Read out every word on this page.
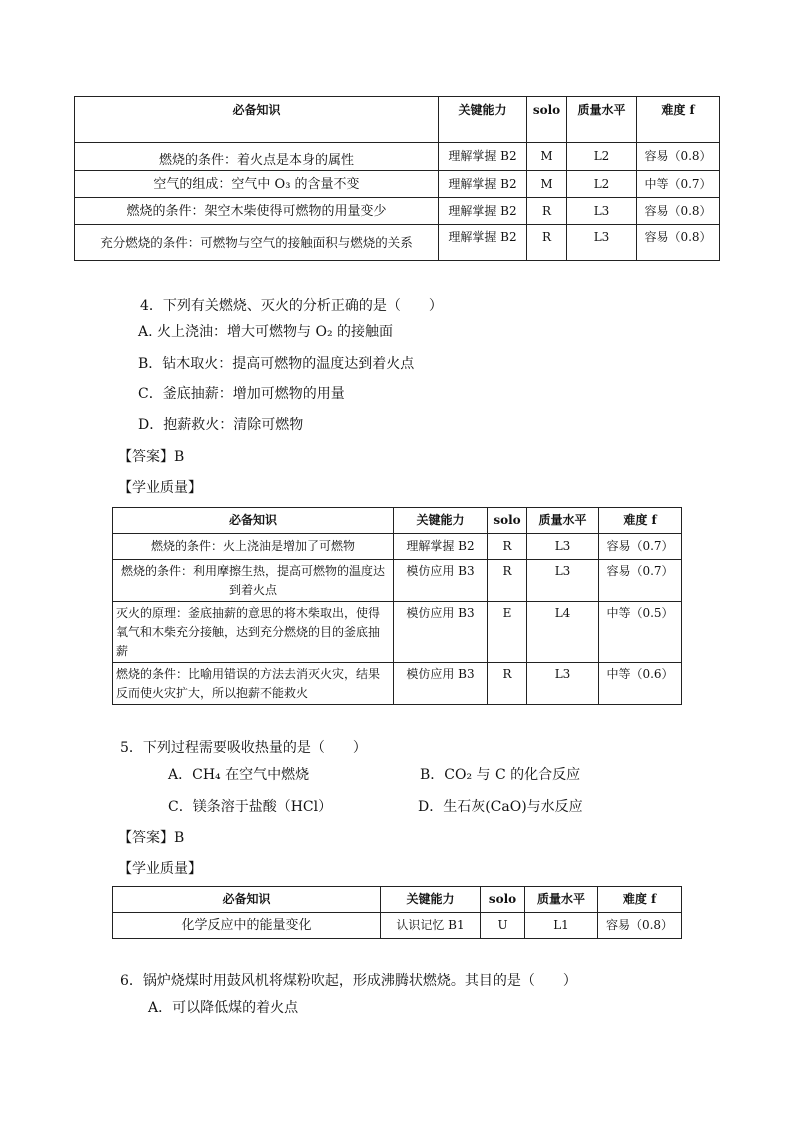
必备知识	关键能力	solo	质量水平	难度 f
燃烧的条件：着火点是本身的属性	理解掌握 B2	M	L2	容易（0.8）
空气的组成：空气中 O₃ 的含量不变	理解掌握 B2	M	L2	中等（0.7）
燃烧的条件：架空木柴使得可燃物的用量变少	理解掌握 B2	R	L3	容易（0.8）
充分燃烧的条件：可燃物与空气的接触面积与燃烧的关系	理解掌握 B2	R	L3	容易（0.8）
4．下列有关燃烧、灭火的分析正确的是（　　）
A. 火上浇油：增大可燃物与 O₂ 的接触面
B．钻木取火：提高可燃物的温度达到着火点
C．釜底抽薪：增加可燃物的用量
D．抱薪救火：清除可燃物
【答案】B
【学业质量】
必备知识	关键能力	solo	质量水平	难度 f
燃烧的条件：火上浇油是增加了可燃物	理解掌握 B2	R	L3	容易（0.7）
燃烧的条件：利用摩擦生热，提高可燃物的温度达到着火点	模仿应用 B3	R	L3	容易（0.7）
灭火的原理：釜底抽薪的意思的将木柴取出，使得氧气和木柴充分接触，达到充分燃烧的目的釜底抽薪	模仿应用 B3	E	L4	中等（0.5）
燃烧的条件：比喻用错误的方法去消灭火灾，结果反而使火灾扩大，所以抱薪不能救火	模仿应用 B3	R	L3	中等（0.6）
5．下列过程需要吸收热量的是（　　）
A．CH₄ 在空气中燃烧	B．CO₂ 与 C 的化合反应
C．镁条溶于盐酸（HCl）	D．生石灰(CaO)与水反应
【答案】B
【学业质量】
必备知识	关键能力	solo	质量水平	难度 f
化学反应中的能量变化	认识记忆 B1	U	L1	容易（0.8）
6．锅炉烧煤时用鼓风机将煤粉吹起，形成沸腾状燃烧。其目的是（　　）
A．可以降低煤的着火点
